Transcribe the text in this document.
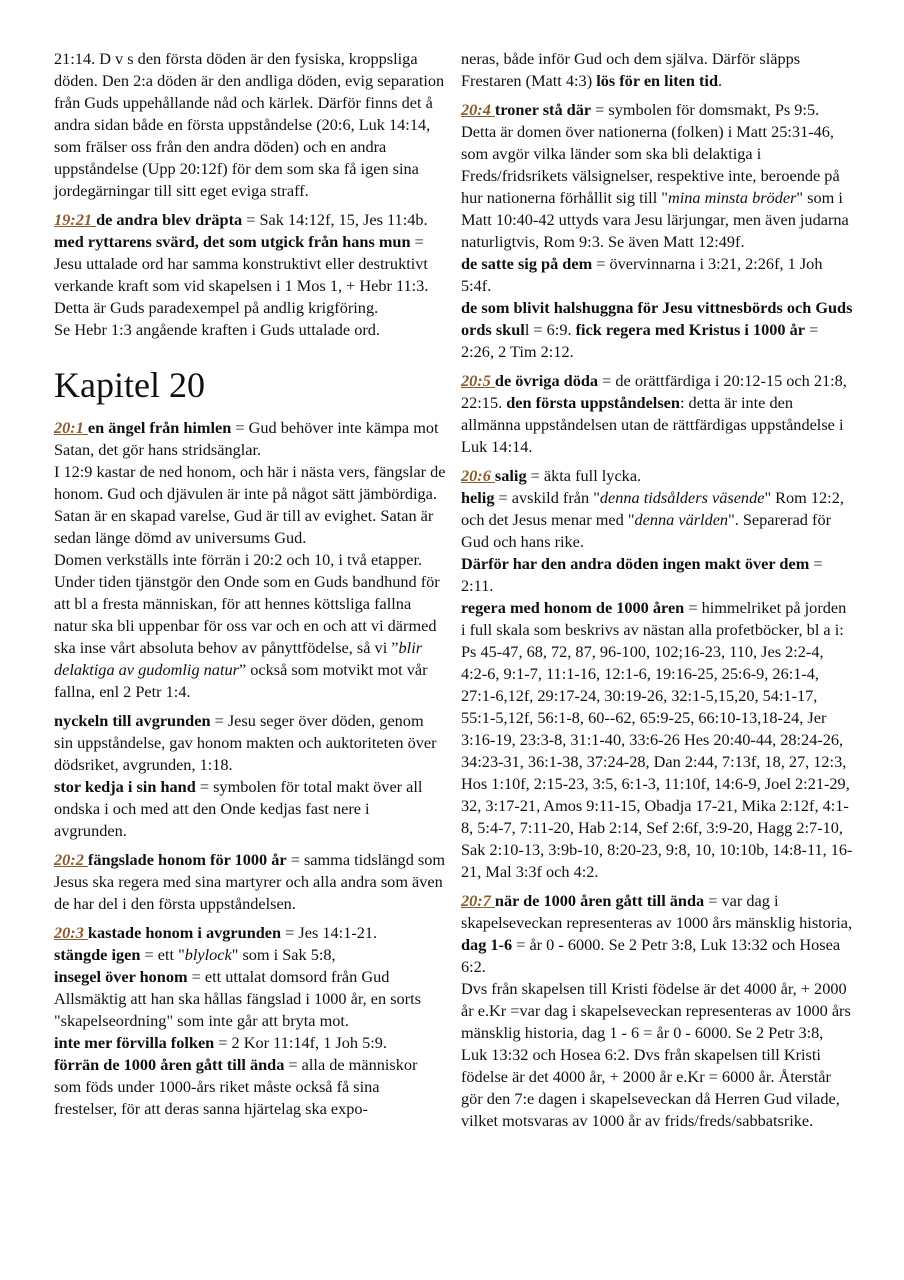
21:14. D v s den första döden är den fysiska, kroppsliga döden. Den 2:a döden är den andliga döden, evig separation från Guds uppehållande nåd och kärlek. Därför finns det å andra sidan både en första uppståndelse (20:6, Luk 14:14, som frälser oss från den andra döden) och en andra uppståndelse (Upp 20:12f) för dem som ska få igen sina jordegärningar till sitt eget eviga straff.

19:21 de andra blev dräpta = Sak 14:12f, 15, Jes 11:4b. med ryttarens svärd, det som utgick från hans mun = Jesu uttalade ord har samma konstruktivt eller destruktivt verkande kraft som vid skapelsen i 1 Mos 1, + Hebr 11:3. Detta är Guds paradexempel på andlig krigföring.
Se Hebr 1:3 angående kraften i Guds uttalade ord.

Kapitel 20

20:1 en ängel från himlen = Gud behöver inte kämpa mot Satan, det gör hans stridsänglar.
I 12:9 kastar de ned honom, och här i nästa vers, fängslar de honom. Gud och djävulen är inte på något sätt jämbördiga. Satan är en skapad varelse, Gud är till av evighet. Satan är sedan länge dömd av universums Gud.
Domen verkställs inte förrän i 20:2 och 10, i två etapper. Under tiden tjänstgör den Onde som en Guds bandhund för att bl a fresta människan, för att hennes köttsliga fallna natur ska bli uppenbar för oss var och en och att vi därmed ska inse vårt absoluta behov av pånyttfödelse, så vi ”blir delaktiga av gudomlig natur” också som motvikt mot vår fallna, enl 2 Petr 1:4.

nyckeln till avgrunden = Jesu seger över döden, genom sin uppståndelse, gav honom makten och auktoriteten över dödsriket, avgrunden, 1:18.
stor kedja i sin hand = symbolen för total makt över all ondska i och med att den Onde kedjas fast nere i avgrunden.

20:2 fängslade honom för 1000 år = samma tidslängd som Jesus ska regera med sina martyrer och alla andra som även de har del i den första uppståndelsen.

20:3 kastade honom i avgrunden = Jes 14:1-21.
stängde igen = ett "blylock" som i Sak 5:8,
insegel över honom = ett uttalat domsord från Gud Allsmäktig att han ska hållas fängslad i 1000 år, en sorts "skapelseordning" som inte går att bryta mot.
inte mer förvilla folken = 2 Kor 11:14f, 1 Joh 5:9.
förrän de 1000 åren gått till ända = alla de människor som föds under 1000-års riket måste också få sina frestelser, för att deras sanna hjärtelag ska expo-

neras, både inför Gud och dem själva. Därför släpps Frestaren (Matt 4:3) lös för en liten tid.

20:4 troner stå där = symbolen för domsmakt, Ps 9:5. Detta är domen över nationerna (folken) i Matt 25:31-46, som avgör vilka länder som ska bli delaktiga i Freds/fridsrikets välsignelser, respektive inte, beroende på hur nationerna förhållit sig till "mina minsta bröder" som i Matt 10:40-42 uttyds vara Jesu lärjungar, men även judarna naturligtvis, Rom 9:3. Se även Matt 12:49f.
de satte sig på dem = övervinnarna i 3:21, 2:26f, 1 Joh 5:4f.
de som blivit halshuggna för Jesu vittnesbörds och Guds ords skull = 6:9. fick regera med Kristus i 1000 år = 2:26, 2 Tim 2:12.

20:5 de övriga döda = de orättfärdiga i 20:12-15 och 21:8, 22:15. den första uppståndelsen: detta är inte den allmänna uppståndelsen utan de rättfärdigas uppståndelse i Luk 14:14.

20:6 salig = äkta full lycka.
helig = avskild från "denna tidsålders väsende" Rom 12:2, och det Jesus menar med "denna världen". Separerad för Gud och hans rike.
Därför har den andra döden ingen makt över dem = 2:11.
regera med honom de 1000 åren = himmelriket på jorden i full skala som beskrivs av nästan alla profetböcker, bl a i: Ps 45-47, 68, 72, 87, 96-100, 102;16-23, 110, Jes 2:2-4, 4:2-6, 9:1-7, 11:1-16, 12:1-6, 19:16-25, 25:6-9, 26:1-4, 27:1-6,12f, 29:17-24, 30:19-26, 32:1-5,15,20, 54:1-17, 55:1-5,12f, 56:1-8, 60--62, 65:9-25, 66:10-13,18-24, Jer 3:16-19, 23:3-8, 31:1-40, 33:6-26 Hes 20:40-44, 28:24-26, 34:23-31, 36:1-38, 37:24-28, Dan 2:44, 7:13f, 18, 27, 12:3, Hos 1:10f, 2:15-23, 3:5, 6:1-3, 11:10f, 14:6-9, Joel 2:21-29, 32, 3:17-21, Amos 9:11-15, Obadja 17-21, Mika 2:12f, 4:1-8, 5:4-7, 7:11-20, Hab 2:14, Sef 2:6f, 3:9-20, Hagg 2:7-10, Sak 2:10-13, 3:9b-10, 8:20-23, 9:8, 10, 10:10b, 14:8-11, 16-21, Mal 3:3f och 4:2.

20:7 när de 1000 åren gått till ända = var dag i skapelseveckan representeras av 1000 års mänsklig historia, dag 1-6 = år 0 - 6000. Se 2 Petr 3:8, Luk 13:32 och Hosea 6:2.
Dvs från skapelsen till Kristi födelse är det 4000 år, + 2000 år e.Kr =var dag i skapelseveckan representeras av 1000 års mänsklig historia, dag 1 - 6 = år 0 - 6000. Se 2 Petr 3:8, Luk 13:32 och Hosea 6:2. Dvs från skapelsen till Kristi födelse är det 4000 år, + 2000 år e.Kr = 6000 år. Återstår gör den 7:e dagen i skapelseveckan då Herren Gud vilade, vilket motsvaras av 1000 år av frids/freds/sabbatsrike.
